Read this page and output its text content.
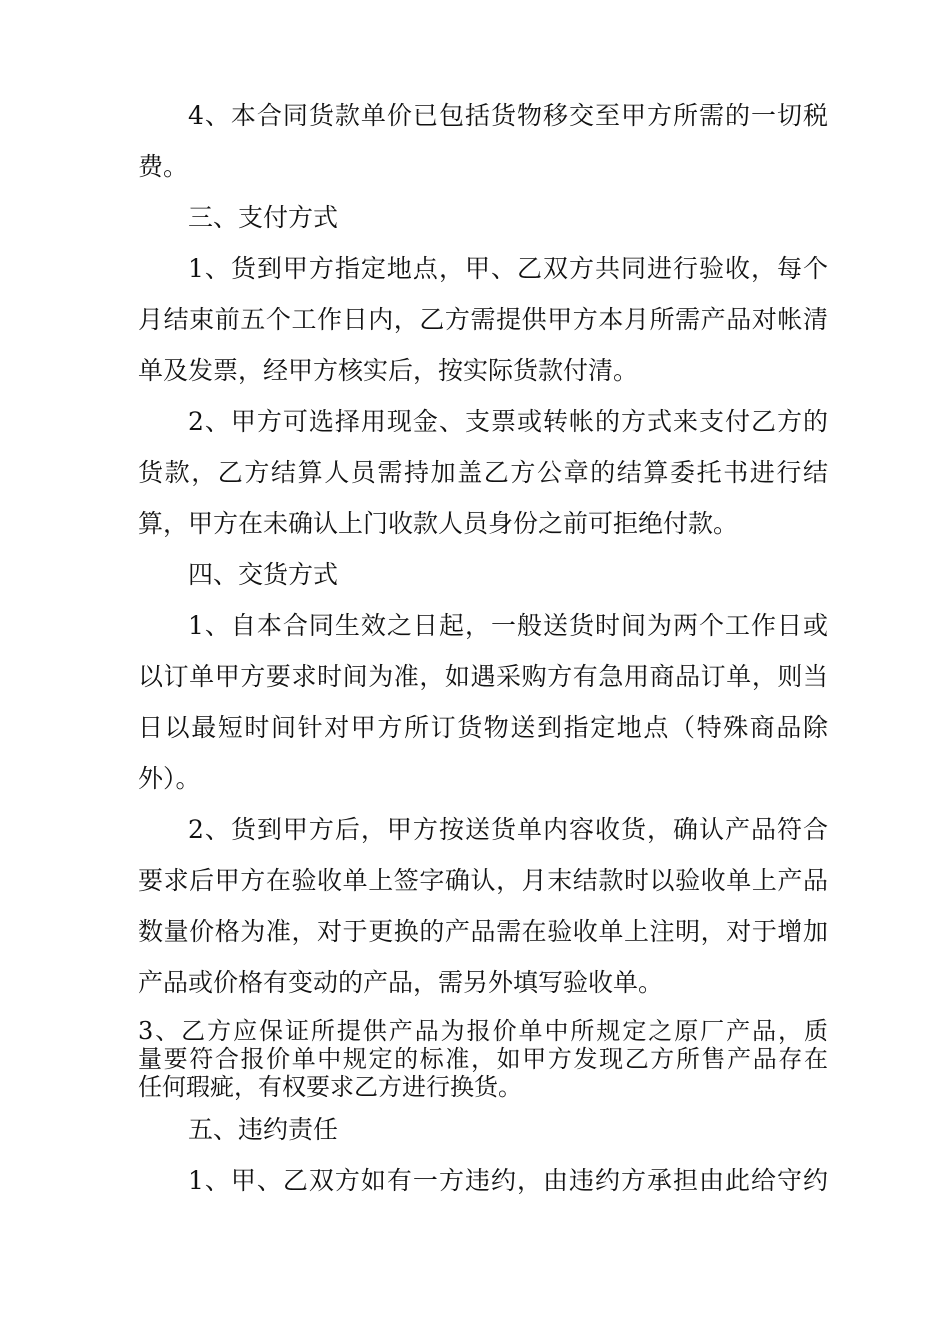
4、本合同货款单价已包括货物移交至甲方所需的一切税
费。
三、支付方式
1、货到甲方指定地点，甲、乙双方共同进行验收，每个
月结束前五个工作日内，乙方需提供甲方本月所需产品对帐清
单及发票，经甲方核实后，按实际货款付清。
2、甲方可选择用现金、支票或转帐的方式来支付乙方的
货款，乙方结算人员需持加盖乙方公章的结算委托书进行结
算，甲方在未确认上门收款人员身份之前可拒绝付款。
四、交货方式
1、自本合同生效之日起，一般送货时间为两个工作日或
以订单甲方要求时间为准，如遇采购方有急用商品订单，则当
日以最短时间针对甲方所订货物送到指定地点（特殊商品除
外）。
2、货到甲方后，甲方按送货单内容收货，确认产品符合
要求后甲方在验收单上签字确认，月末结款时以验收单上产品
数量价格为准，对于更换的产品需在验收单上注明，对于增加
产品或价格有变动的产品，需另外填写验收单。
3、乙方应保证所提供产品为报价单中所规定之原厂产品，质
量要符合报价单中规定的标准，如甲方发现乙方所售产品存在
任何瑕疵，有权要求乙方进行换货。
五、违约责任
1、甲、乙双方如有一方违约，由违约方承担由此给守约
